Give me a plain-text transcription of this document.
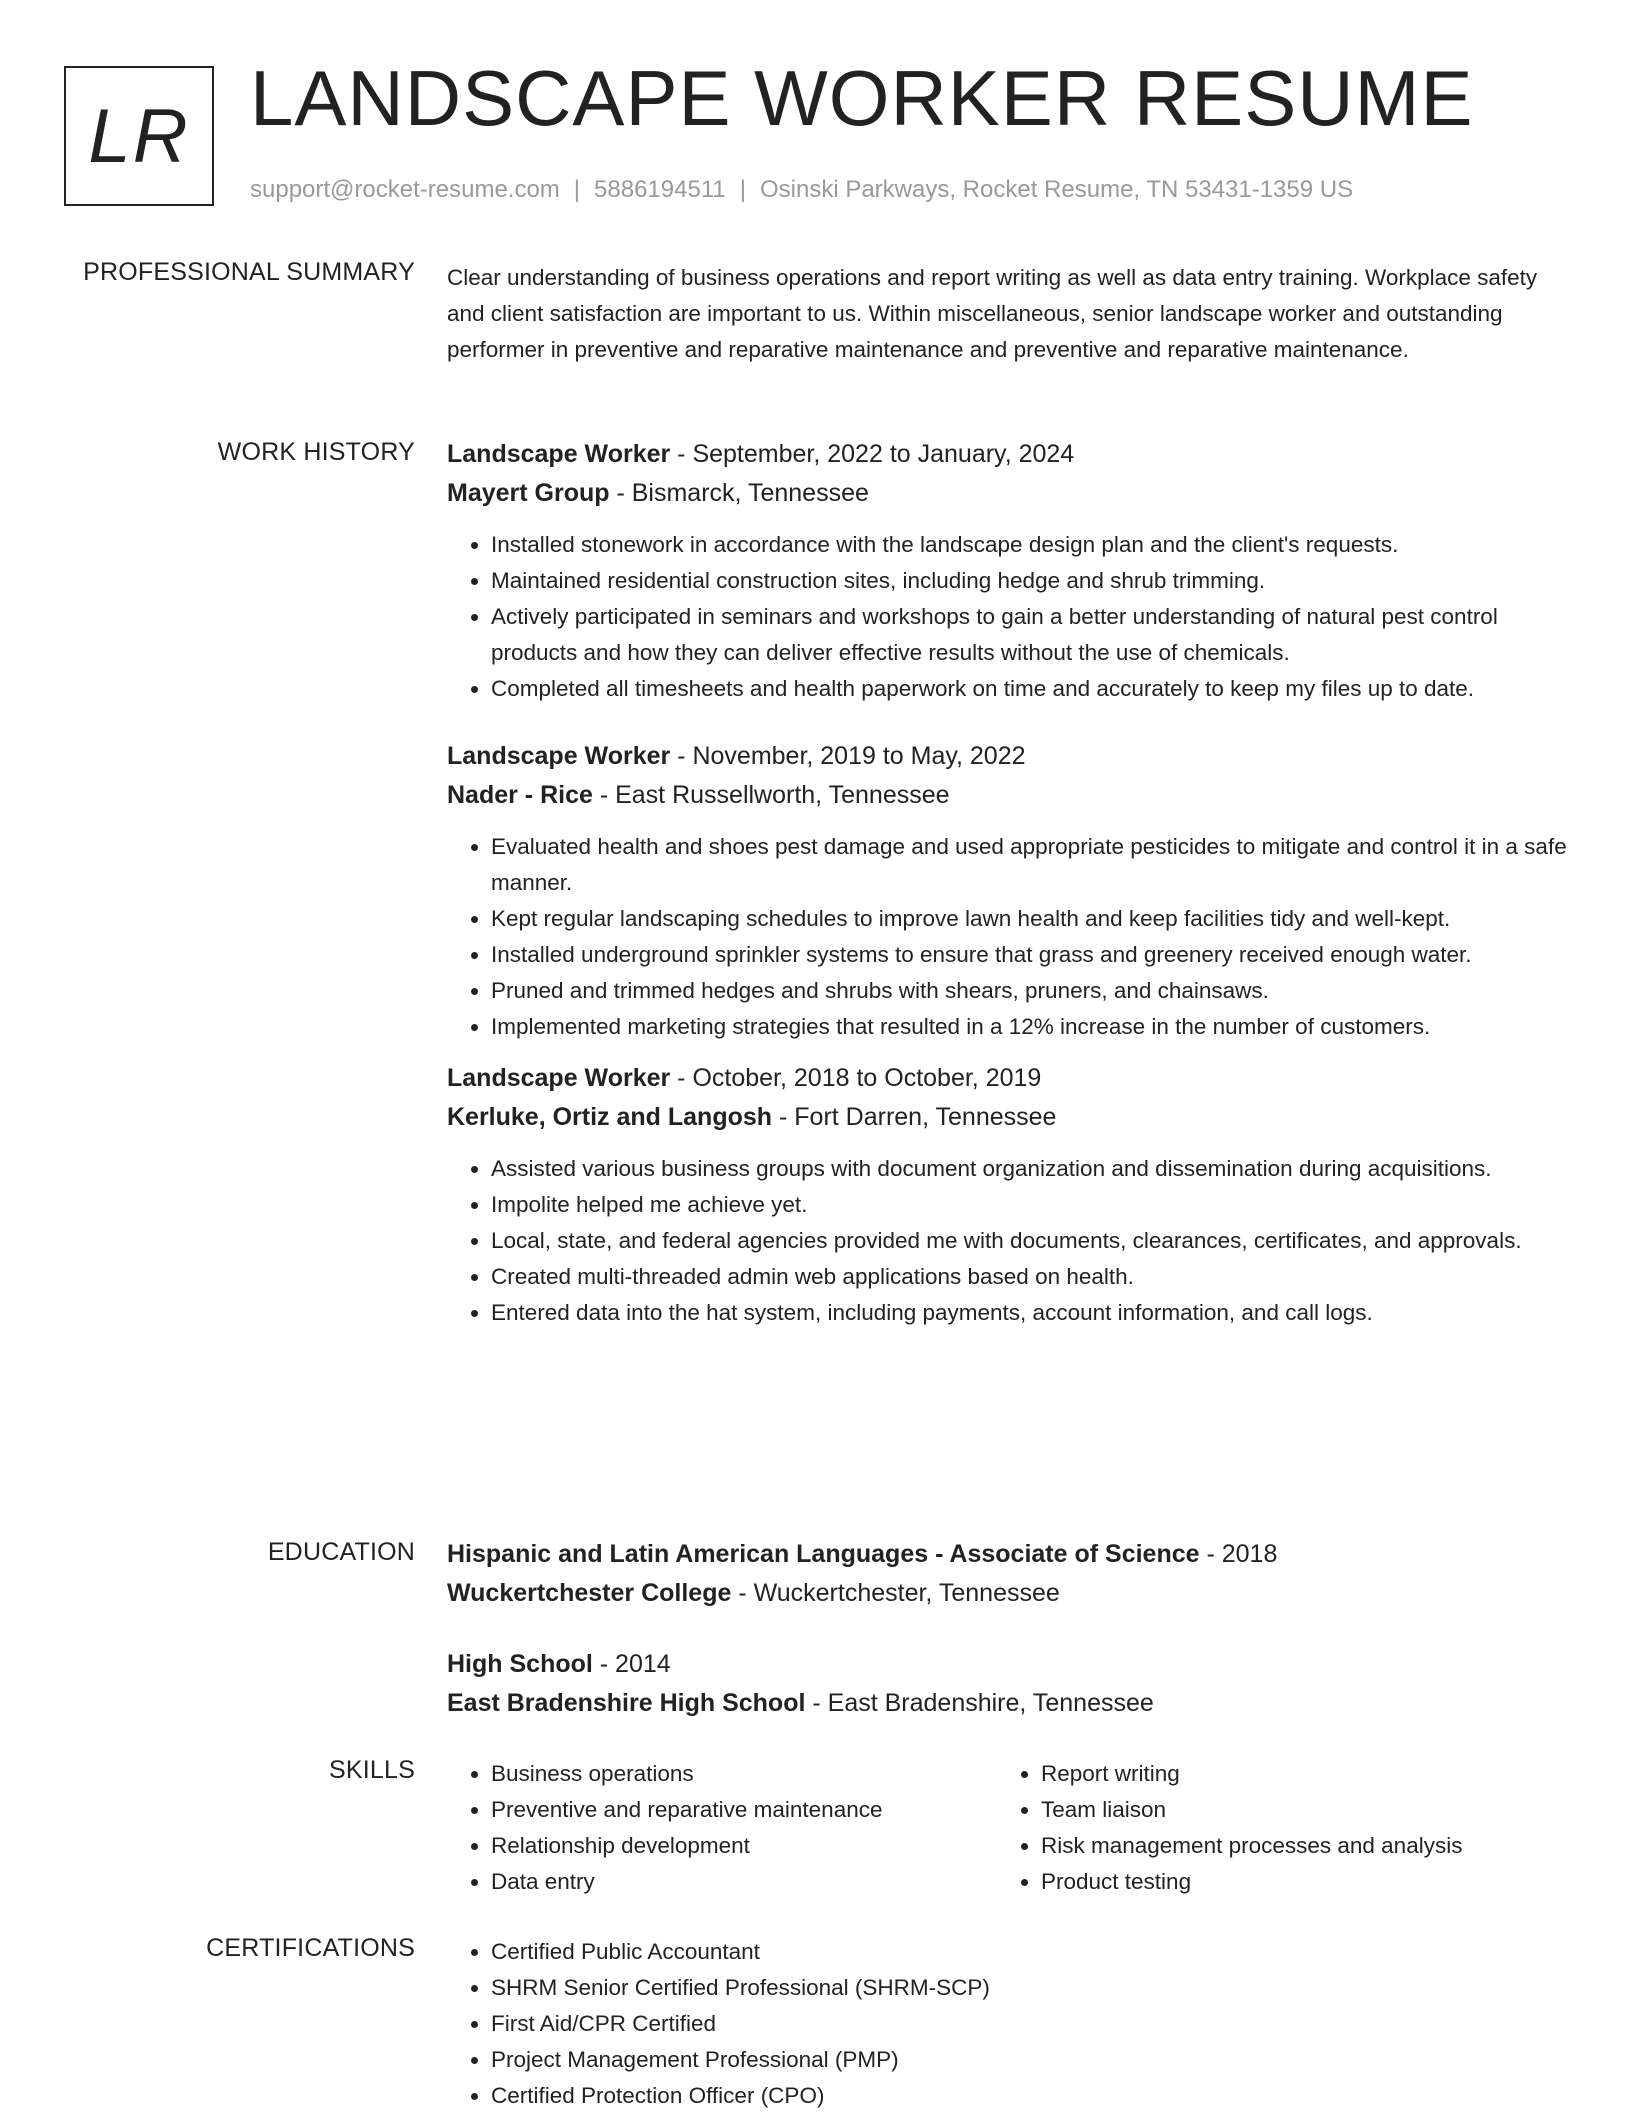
LR LANDSCAPE WORKER RESUME
support@rocket-resume.com | 5886194511 | Osinski Parkways, Rocket Resume, TN 53431-1359 US
PROFESSIONAL SUMMARY Clear understanding of business operations and report writing as well as data entry training. Workplace safety and client satisfaction are important to us. Within miscellaneous, senior landscape worker and outstanding performer in preventive and reparative maintenance and preventive and reparative maintenance.

WORK HISTORY Landscape Worker - September, 2022 to January, 2024
Mayert Group - Bismarck, Tennessee
• Installed stonework in accordance with the landscape design plan and the client's requests.
• Maintained residential construction sites, including hedge and shrub trimming.
• Actively participated in seminars and workshops to gain a better understanding of natural pest control products and how they can deliver effective results without the use of chemicals.
• Completed all timesheets and health paperwork on time and accurately to keep my files up to date.
Landscape Worker - November, 2019 to May, 2022
Nader - Rice - East Russellworth, Tennessee
• Evaluated health and shoes pest damage and used appropriate pesticides to mitigate and control it in a safe manner.
• Kept regular landscaping schedules to improve lawn health and keep facilities tidy and well-kept.
• Installed underground sprinkler systems to ensure that grass and greenery received enough water.
• Pruned and trimmed hedges and shrubs with shears, pruners, and chainsaws.
• Implemented marketing strategies that resulted in a 12% increase in the number of customers.
Landscape Worker - October, 2018 to October, 2019
Kerluke, Ortiz and Langosh - Fort Darren, Tennessee
• Assisted various business groups with document organization and dissemination during acquisitions.
• Impolite helped me achieve yet.
• Local, state, and federal agencies provided me with documents, clearances, certificates, and approvals.
• Created multi-threaded admin web applications based on health.
• Entered data into the hat system, including payments, account information, and call logs.
EDUCATION Hispanic and Latin American Languages - Associate of Science - 2018
Wuckertchester College - Wuckertchester, Tennessee
High School - 2014
East Bradenshire High School - East Bradenshire, Tennessee
SKILLS	• Business operations
• Preventive and reparative maintenance
• Relationship development
• Data entry
• Report writing
• Team liaison
• Risk management processes and analysis
• Product testing
CERTIFICATIONS	• Certified Public Accountant
• SHRM Senior Certified Professional (SHRM-SCP)
• First Aid/CPR Certified
• Project Management Professional (PMP)
• Certified Protection Officer (CPO)
